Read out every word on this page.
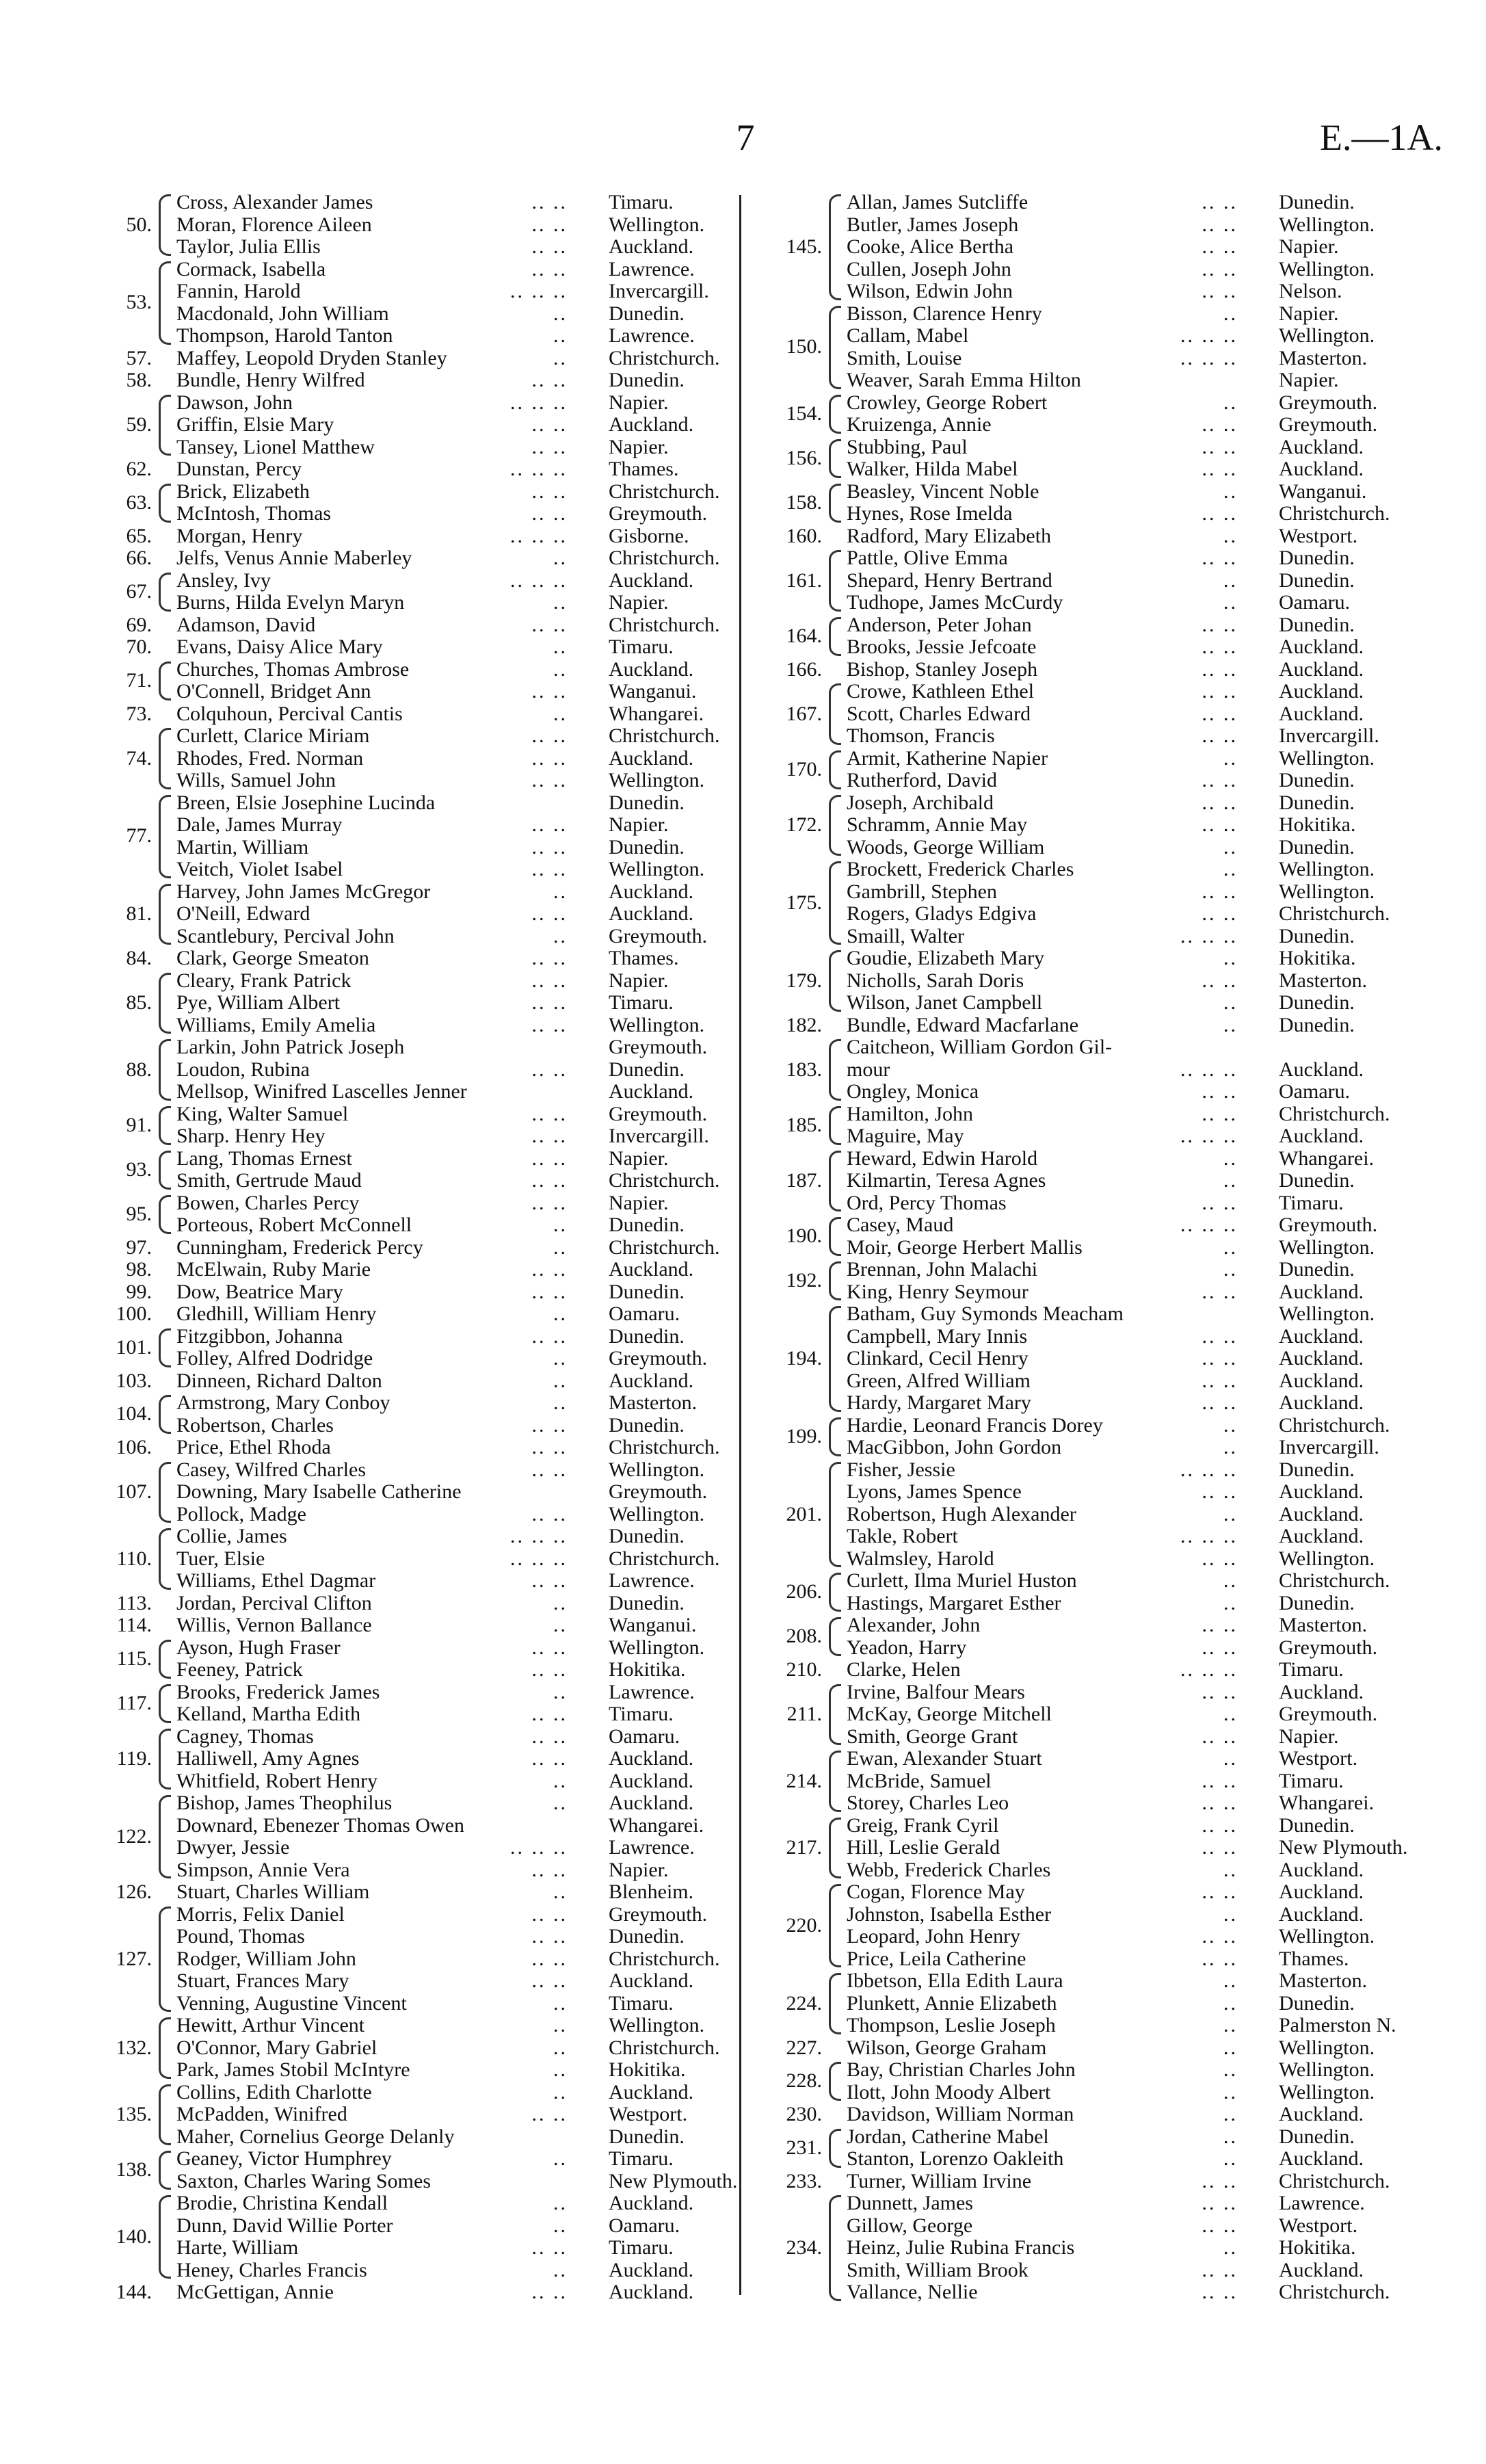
7	E.—1A.
50.
Cross, Alexander James	.. .. Timaru.
Moran, Florence Aileen	.. .. Wellington.
Taylor, Julia Ellis	.. .. Auckland.
53.
Cormack, Isabella	.. .. Lawrence.
Fannin, Harold	.. .. .. Invercargill.
Macdonald, John William	.. Dunedin.
Thompson, Harold Tanton	.. Lawrence.
57. Maffey, Leopold Dryden Stanley	.. Christchurch.
58. Bundle, Henry Wilfred	.. .. Dunedin.
59.
Dawson, John	.. .. .. Napier.
Griffin, Elsie Mary	.. .. Auckland.
Tansey, Lionel Matthew	.. .. Napier.
62. Dunstan, Percy	.. .. .. Thames.
63. Brick, Elizabeth	.. .. Christchurch.
McIntosh, Thomas	.. .. Greymouth.
65. Morgan, Henry	.. .. .. Gisborne.
66. Jelfs, Venus Annie Maberley	.. Christchurch.
67. Ansley, Ivy	.. .. .. Auckland.
Burns, Hilda Evelyn Maryn	.. Napier.
69. Adamson, David	.. .. Christchurch.
70. Evans, Daisy Alice Mary	.. Timaru.
71. Churches, Thomas Ambrose	.. Auckland.
O'Connell, Bridget Ann	.. .. Wanganui.
73. Colquhoun, Percival Cantis	.. Whangarei.
74.
Curlett, Clarice Miriam	.. .. Christchurch.
Rhodes, Fred. Norman	.. .. Auckland.
Wills, Samuel John	.. .. Wellington.
77.
Breen, Elsie Josephine Lucinda	Dunedin.
Dale, James Murray	.. .. Napier.
Martin, William	.. .. Dunedin.
Veitch, Violet Isabel	.. .. Wellington.
81.
Harvey, John James McGregor	.. Auckland.
O'Neill, Edward	.. .. Auckland.
Scantlebury, Percival John	.. Greymouth.
84. Clark, George Smeaton	.. .. Thames.
85.
Cleary, Frank Patrick	.. .. Napier.
Pye, William Albert	.. .. Timaru.
Williams, Emily Amelia	.. .. Wellington.
88.
Larkin, John Patrick Joseph	Greymouth.
Loudon, Rubina	.. .. Dunedin.
Mellsop, Winifred Lascelles Jenner	Auckland.
91. King, Walter Samuel	.. .. Greymouth.
Sharp. Henry Hey	.. .. Invercargill.
93. Lang, Thomas Ernest	.. .. Napier.
Smith, Gertrude Maud	.. .. Christchurch.
95. Bowen, Charles Percy	.. .. Napier.
Porteous, Robert McConnell	.. Dunedin.
97. Cunningham, Frederick Percy	.. Christchurch.
98. McElwain, Ruby Marie	.. .. Auckland.
99. Dow, Beatrice Mary	.. .. Dunedin.
100. Gledhill, William Henry	.. Oamaru.
101. Fitzgibbon, Johanna	.. .. Dunedin.
Folley, Alfred Dodridge	.. Greymouth.
103. Dinneen, Richard Dalton	.. Auckland.
104. Armstrong, Mary Conboy	.. Masterton.
Robertson, Charles	.. .. Dunedin.
106. Price, Ethel Rhoda	.. .. Christchurch.
107.
Casey, Wilfred Charles	.. .. Wellington.
Downing, Mary Isabelle Catherine	Greymouth.
Pollock, Madge	.. .. Wellington.
110.
Collie, James	.. .. .. Dunedin.
Tuer, Elsie	.. .. .. Christchurch.
Williams, Ethel Dagmar	.. .. Lawrence.
113. Jordan, Percival Clifton	.. Dunedin.
114. Willis, Vernon Ballance	.. Wanganui.
115. Ayson, Hugh Fraser	.. .. Wellington.
Feeney, Patrick	.. .. Hokitika.
117. Brooks, Frederick James	.. Lawrence.
Kelland, Martha Edith	.. .. Timaru.
119.
Cagney, Thomas	.. .. Oamaru.
Halliwell, Amy Agnes	.. .. Auckland.
Whitfield, Robert Henry	.. Auckland.
122.
Bishop, James Theophilus	.. Auckland.
Downard, Ebenezer Thomas Owen	Whangarei.
Dwyer, Jessie	.. .. .. Lawrence.
Simpson, Annie Vera	.. .. Napier.
126. Stuart, Charles William	.. Blenheim.
127.
Morris, Felix Daniel	.. .. Greymouth.
Pound, Thomas	.. .. Dunedin.
Rodger, William John	.. .. Christchurch.
Stuart, Frances Mary	.. .. Auckland.
Venning, Augustine Vincent	.. Timaru.
132.
Hewitt, Arthur Vincent	.. Wellington.
O'Connor, Mary Gabriel	.. Christchurch.
Park, James Stobil McIntyre	.. Hokitika.
135.
Collins, Edith Charlotte	.. Auckland.
McPadden, Winifred	.. .. Westport.
Maher, Cornelius George Delanly	Dunedin.
138. Geaney, Victor Humphrey	.. Timaru.
Saxton, Charles Waring Somes	New Plymouth.
140.
Brodie, Christina Kendall	.. Auckland.
Dunn, David Willie Porter	.. Oamaru.
Harte, William	.. .. Timaru.
Heney, Charles Francis	.. Auckland.
144. McGettigan, Annie	.. .. Auckland.
145.
Allan, James Sutcliffe	.. .. Dunedin.
Butler, James Joseph	.. .. Wellington.
Cooke, Alice Bertha	.. .. Napier.
Cullen, Joseph John	.. .. Wellington.
Wilson, Edwin John	.. .. Nelson.
150.
Bisson, Clarence Henry	.. Napier.
Callam, Mabel	.. .. .. Wellington.
Smith, Louise	.. .. .. Masterton.
Weaver, Sarah Emma Hilton	Napier.
154. Crowley, George Robert	.. Greymouth.
Kruizenga, Annie	.. .. Greymouth.
156. Stubbing, Paul	.. .. Auckland.
Walker, Hilda Mabel	.. .. Auckland.
158. Beasley, Vincent Noble	.. Wanganui.
Hynes, Rose Imelda	.. .. Christchurch.
160. Radford, Mary Elizabeth	.. Westport.
161.
Pattle, Olive Emma	.. .. Dunedin.
Shepard, Henry Bertrand	.. Dunedin.
Tudhope, James McCurdy	.. Oamaru.
164. Anderson, Peter Johan	.. .. Dunedin.
Brooks, Jessie Jefcoate	.. .. Auckland.
166. Bishop, Stanley Joseph	.. .. Auckland.
167.
Crowe, Kathleen Ethel	.. .. Auckland.
Scott, Charles Edward	.. .. Auckland.
Thomson, Francis	.. .. Invercargill.
170. Armit, Katherine Napier	.. Wellington.
Rutherford, David	.. .. Dunedin.
172.
Joseph, Archibald	.. .. Dunedin.
Schramm, Annie May	.. .. Hokitika.
Woods, George William	.. Dunedin.
175.
Brockett, Frederick Charles	.. Wellington.
Gambrill, Stephen	.. .. Wellington.
Rogers, Gladys Edgiva	.. .. Christchurch.
Smaill, Walter	.. .. .. Dunedin.
179.
Goudie, Elizabeth Mary	.. Hokitika.
Nicholls, Sarah Doris	.. .. Masterton.
Wilson, Janet Campbell	.. Dunedin.
182. Bundle, Edward Macfarlane	.. Dunedin.
183.
Caitcheon, William Gordon Gil-
mour	.. .. .. Auckland.
Ongley, Monica	.. .. Oamaru.
185. Hamilton, John	.. .. Christchurch.
Maguire, May	.. .. .. Auckland.
187.
Heward, Edwin Harold	.. Whangarei.
Kilmartin, Teresa Agnes	.. Dunedin.
Ord, Percy Thomas	.. .. Timaru.
190. Casey, Maud	.. .. .. Greymouth.
Moir, George Herbert Mallis	.. Wellington.
192. Brennan, John Malachi	.. Dunedin.
King, Henry Seymour	.. .. Auckland.
194.
Batham, Guy Symonds Meacham	Wellington.
Campbell, Mary Innis	.. .. Auckland.
Clinkard, Cecil Henry	.. .. Auckland.
Green, Alfred William	.. .. Auckland.
Hardy, Margaret Mary	.. .. Auckland.
199. Hardie, Leonard Francis Dorey	.. Christchurch.
MacGibbon, John Gordon	.. Invercargill.
201.
Fisher, Jessie	.. .. .. Dunedin.
Lyons, James Spence	.. .. Auckland.
Robertson, Hugh Alexander	.. Auckland.
Takle, Robert	.. .. .. Auckland.
Walmsley, Harold	.. .. Wellington.
206. Curlett, Ilma Muriel Huston	.. Christchurch.
Hastings, Margaret Esther	.. Dunedin.
208. Alexander, John	.. .. Masterton.
Yeadon, Harry	.. .. Greymouth.
210. Clarke, Helen	.. .. .. Timaru.
211.
Irvine, Balfour Mears	.. .. Auckland.
McKay, George Mitchell	.. Greymouth.
Smith, George Grant	.. .. Napier.
214.
Ewan, Alexander Stuart	.. Westport.
McBride, Samuel	.. .. Timaru.
Storey, Charles Leo	.. .. Whangarei.
217.
Greig, Frank Cyril	.. .. Dunedin.
Hill, Leslie Gerald	.. .. New Plymouth.
Webb, Frederick Charles	.. Auckland.
220.
Cogan, Florence May	.. .. Auckland.
Johnston, Isabella Esther	.. Auckland.
Leopard, John Henry	.. .. Wellington.
Price, Leila Catherine	.. .. Thames.
224.
Ibbetson, Ella Edith Laura	.. Masterton.
Plunkett, Annie Elizabeth	.. Dunedin.
Thompson, Leslie Joseph	.. Palmerston N.
227. Wilson, George Graham	.. Wellington.
228. Bay, Christian Charles John	.. Wellington.
Ilott, John Moody Albert	.. Wellington.
230. Davidson, William Norman	.. Auckland.
231. Jordan, Catherine Mabel	.. Dunedin.
Stanton, Lorenzo Oakleith	.. Auckland.
233. Turner, William Irvine	.. .. Christchurch.
234.
Dunnett, James	.. .. Lawrence.
Gillow, George	.. .. Westport.
Heinz, Julie Rubina Francis	.. Hokitika.
Smith, William Brook	.. .. Auckland.
Vallance, Nellie	.. .. Christchurch.
